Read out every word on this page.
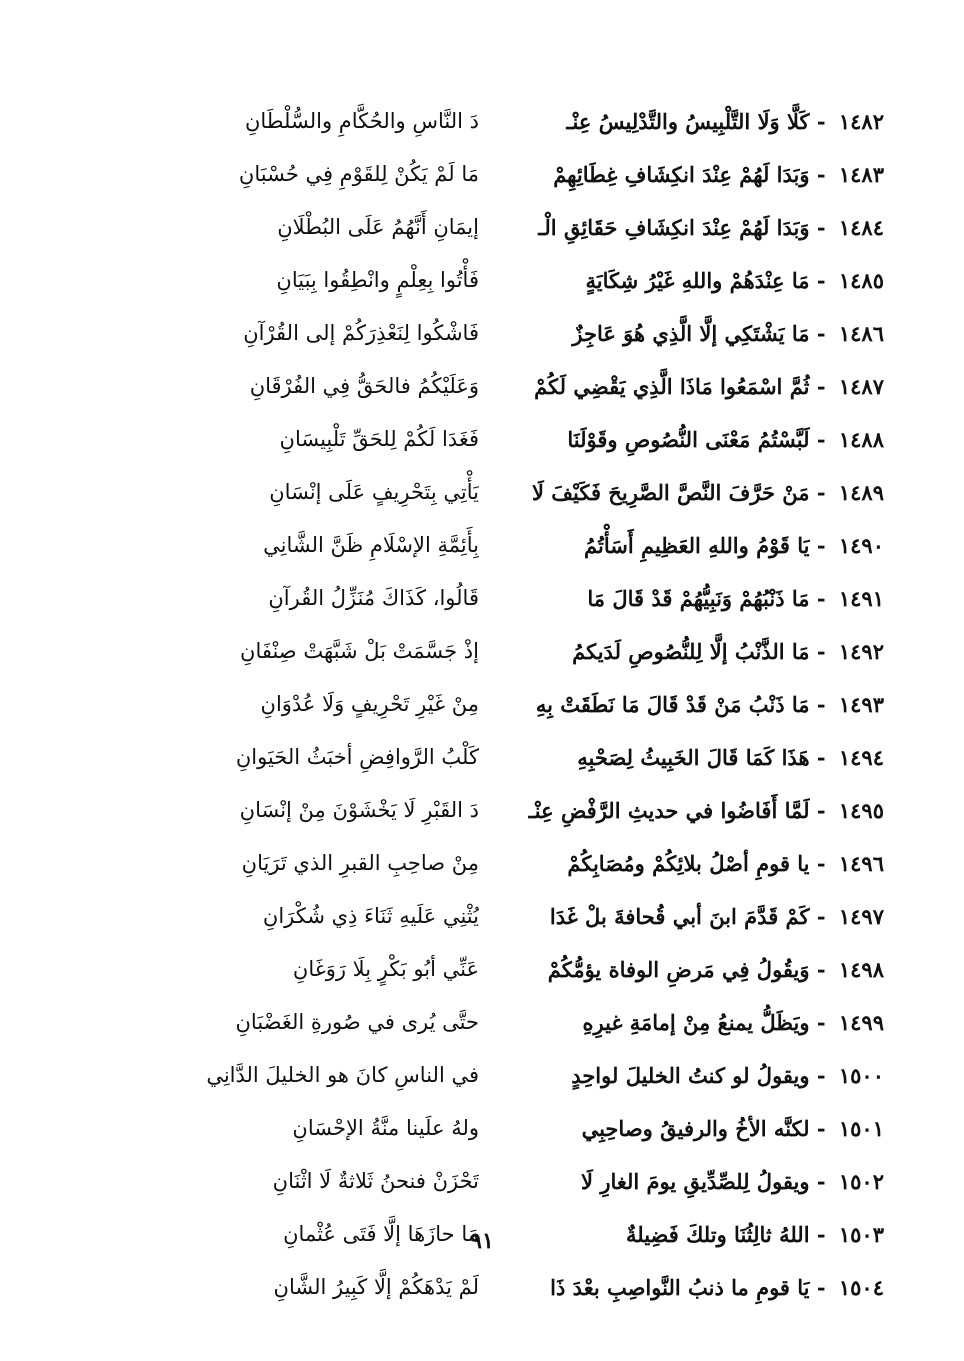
١٤٨٢ - كَلَّا وَلَا التَّلْبِيسُ والتَّدْلِيسُ عِنْـ
دَ النَّاسِ والحُكَّامِ والسُّلْطَانِ
١٤٨٣ - وَبَدَا لَهُمْ عِنْدَ انكِشَافِ غِطَائِهِمْ
مَا لَمْ يَكُنْ لِلقَوْمِ فِي حُسْبَانِ
١٤٨٤ - وَبَدَا لَهُمْ عِنْدَ انكِشَافِ حَقَائِقِ الْـ
إيمَانِ أَنَّهُمُ عَلَى البُطْلَانِ
١٤٨٥ - مَا عِنْدَهُمْ واللهِ غَيْرُ شِكَايَةٍ
فَأْتُوا بِعِلْمٍ وانْطِقُوا بِبَيَانِ
١٤٨٦ - مَا يَشْتَكِي إلَّا الَّذِي هُوَ عَاجِزٌ
فَاشْكُوا لِنَعْذِرَكُمْ إلى القُرْآنِ
١٤٨٧ - ثُمَّ اسْمَعُوا مَاذَا الَّذِي يَقْضِي لَكُمْ
وَعَلَيْكُمُ فالحَقُّ فِي الفُرْقَانِ
١٤٨٨ - لَبَّسْتُمُ مَعْنَى النُّصُوصِ وقَوْلَنَا
فَغَدَا لَكُمْ لِلحَقِّ تَلْبِيسَانِ
١٤٨٩ - مَنْ حَرَّفَ النَّصَّ الصَّرِيحَ فَكَيْفَ لَا
يَأْتِي بِتَحْرِيفٍ عَلَى إنْسَانِ
١٤٩٠ - يَا قَوْمُ واللهِ العَظِيمِ أَسَأْتُمُ
بِأَئِمَّةِ الإسْلَامِ ظَنَّ الشَّانِي
١٤٩١ - مَا ذَنْبُهُمْ وَنَبِيُّهُمْ قَدْ قَالَ مَا
قَالُوا، كَذَاكَ مُنَزِّلُ القُرآنِ
١٤٩٢ - مَا الذَّنْبُ إلَّا لِلنُّصُوصِ لَدَيكمُ
إذْ جَسَّمَتْ بَلْ شَبَّهَتْ صِنْفَانِ
١٤٩٣ - مَا ذَنْبُ مَنْ قَدْ قَالَ مَا نَطَقَتْ بِهِ
مِنْ غَيْرِ تَحْرِيفٍ وَلَا عُدْوَانِ
١٤٩٤ - هَذَا كَمَا قَالَ الخَبِيثُ لِصَحْبِهِ
كَلْبُ الرَّوافِضِ أخبَثُ الحَيَوانِ
١٤٩٥ - لَمَّا أَفَاضُوا في حديثِ الرَّفْضِ عِنْـ
دَ القَبْرِ لَا يَخْشَوْنَ مِنْ إنْسَانِ
١٤٩٦ - يا قومِ أصْلُ بلائِكُمْ ومُصَابِكُمْ
مِنْ صاحِبِ القبرِ الذي تَرَيَانِ
١٤٩٧ - كَمْ قَدَّمَ ابنَ أبي قُحافةَ بلْ غَدَا
يُثْنِي عَلَيهِ ثَنَاءَ ذِي شُكْرَانِ
١٤٩٨ - وَيقُولُ فِي مَرضِ الوفاة يؤمُّكُمْ
عَنِّي أبُو بَكْرٍ بِلَا رَوَغَانِ
١٤٩٩ - ويَظَلُّ يمنعُ مِنْ إمامَةِ غيرِهِ
حتَّى يُرى في صُورةِ الغَضْبَانِ
١٥٠٠ - ويقولُ لو كنتُ الخليلَ لواحِدٍ
في الناسِ كانَ هو الخليلَ الدَّانِي
١٥٠١ - لكنَّه الأخُ والرفيقُ وصاحِبِي
ولهُ علَينا منَّةُ الإحْسَانِ
١٥٠٢ - ويقولُ لِلصِّدِّيقِ يومَ الغارِ لَا
تَحْزَنْ فنحنُ ثَلاثةٌ لَا اثْنَانِ
١٥٠٣ - اللهُ ثالِثُنَا وتلكَ فَضِيلةٌ
مَا حازَهَا إلَّا فَتَى عُثْمانِ
١٥٠٤ - يَا قومِ ما ذنبُ النَّواصِبِ بعْدَ ذَا
لَمْ يَدْهَكُمْ إلَّا كَبِيرُ الشَّانِ
٩١
